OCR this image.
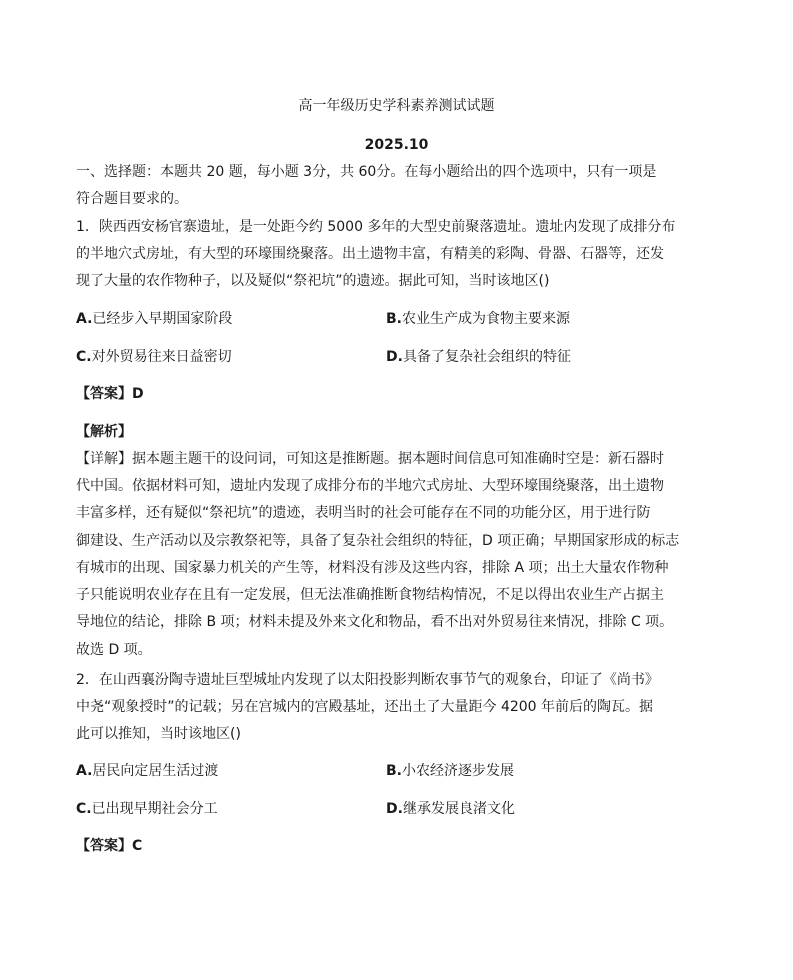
高一年级历史学科素养测试试题
2025.10
一、选择题：本题共 20 题，每小题 3分，共 60分。在每小题给出的四个选项中，只有一项是
符合题目要求的。
1．陕西西安杨官寨遗址，是一处距今约 5000 多年的大型史前聚落遗址。遗址内发现了成排分布
的半地穴式房址，有大型的环壕围绕聚落。出土遗物丰富，有精美的彩陶、骨器、石器等，还发
现了大量的农作物种子，以及疑似“祭祀坑”的遗迹。据此可知，当时该地区()
A.已经步入早期国家阶段	B.农业生产成为食物主要来源
C.对外贸易往来日益密切	D.具备了复杂社会组织的特征
【答案】D
【解析】
【详解】据本题主题干的设问词，可知这是推断题。据本题时间信息可知准确时空是：新石器时
代中国。依据材料可知，遗址内发现了成排分布的半地穴式房址、大型环壕围绕聚落，出土遗物
丰富多样，还有疑似“祭祀坑”的遗迹，表明当时的社会可能存在不同的功能分区，用于进行防
御建设、生产活动以及宗教祭祀等，具备了复杂社会组织的特征，D 项正确；早期国家形成的标志
有城市的出现、国家暴力机关的产生等，材料没有涉及这些内容，排除 A 项；出土大量农作物种
子只能说明农业存在且有一定发展，但无法准确推断食物结构情况，不足以得出农业生产占据主
导地位的结论，排除 B 项；材料未提及外来文化和物品，看不出对外贸易往来情况，排除 C 项。
故选 D 项。
2．在山西襄汾陶寺遗址巨型城址内发现了以太阳投影判断农事节气的观象台，印证了《尚书》
中尧“观象授时”的记载；另在宫城内的宫殿基址，还出土了大量距今 4200 年前后的陶瓦。据
此可以推知，当时该地区()
A.居民向定居生活过渡	B.小农经济逐步发展
C.已出现早期社会分工	D.继承发展良渚文化
【答案】C
